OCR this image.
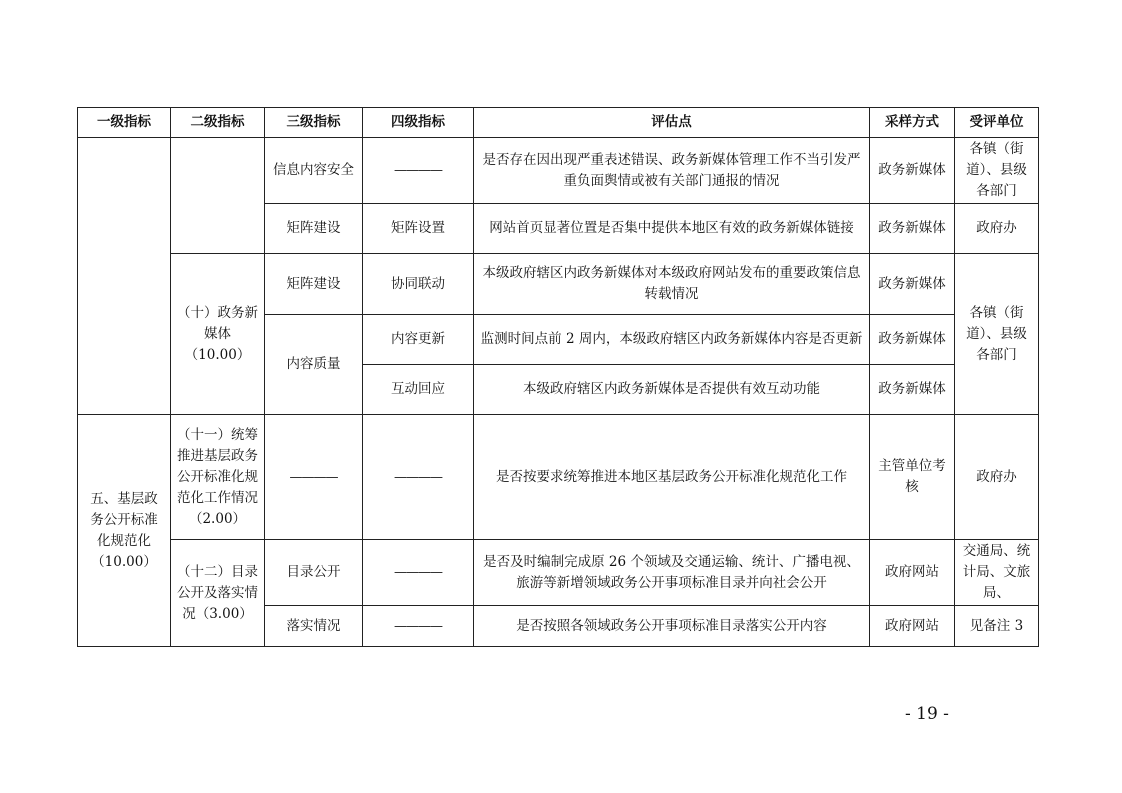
一级指标	二级指标	三级指标	四级指标	评估点	采样方式	受评单位
		信息内容安全	————	是否存在因出现严重表述错误、政务新媒体管理工作不当引发严重负面舆情或被有关部门通报的情况	政务新媒体	各镇（街道）、县级各部门
		矩阵建设	矩阵设置	网站首页显著位置是否集中提供本地区有效的政务新媒体链接	政务新媒体	政府办
	（十）政务新媒体（10.00）	矩阵建设	协同联动	本级政府辖区内政务新媒体对本级政府网站发布的重要政策信息转载情况	政务新媒体	各镇（街道）、县级各部门
		内容质量	内容更新	监测时间点前 2 周内，本级政府辖区内政务新媒体内容是否更新	政务新媒体	
			互动回应	本级政府辖区内政务新媒体是否提供有效互动功能	政务新媒体	
五、基层政务公开标准化规范化（10.00）	（十一）统筹推进基层政务公开标准化规范化工作情况（2.00）	————	————	是否按要求统筹推进本地区基层政务公开标准化规范化工作	主管单位考核	政府办
	（十二）目录公开及落实情况（3.00）	目录公开	————	是否及时编制完成原 26 个领域及交通运输、统计、广播电视、旅游等新增领域政务公开事项标准目录并向社会公开	政府网站	交通局、统计局、文旅局、
		落实情况	————	是否按照各领域政务公开事项标准目录落实公开内容	政府网站	见备注 3
- 19 -
